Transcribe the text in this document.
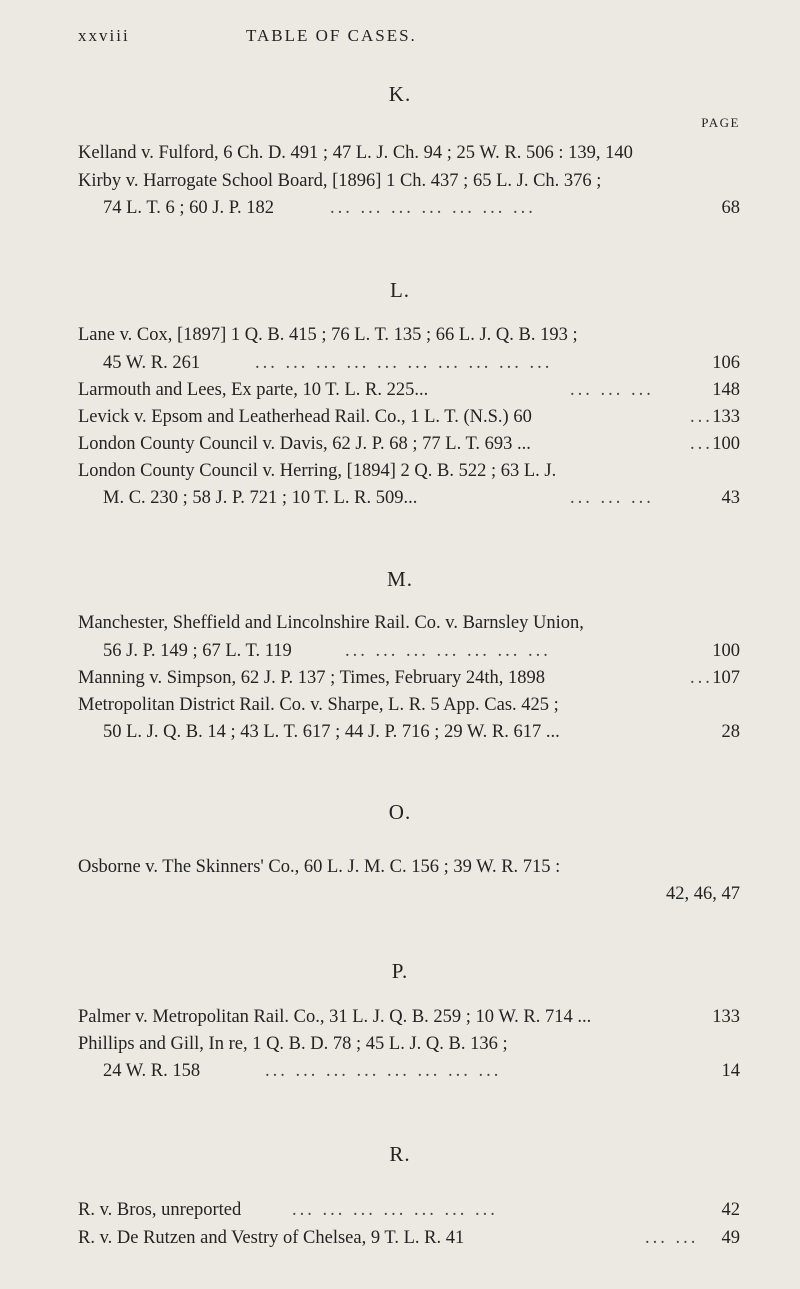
xxviii	TABLE OF CASES.
K.
PAGE
Kelland v. Fulford, 6 Ch. D. 491 ; 47 L. J. Ch. 94 ; 25 W. R. 506 : 139, 140
Kirby v. Harrogate School Board, [1896] 1 Ch. 437 ; 65 L. J. Ch. 376 ;
74 L. T. 6 ; 60 J. P. 182	... ... ... ... ... ... ...	68
L.
Lane v. Cox, [1897] 1 Q. B. 415 ; 76 L. T. 135 ; 66 L. J. Q. B. 193 ;
45 W. R. 261	... ... ... ... ... ... ... ... ... ...	106
Larmouth and Lees, Ex parte, 10 T. L. R. 225...	... ... ...	148
Levick v. Epsom and Leatherhead Rail. Co., 1 L. T. (N.S.) 60	... 133
London County Council v. Davis, 62 J. P. 68 ; 77 L. T. 693 ...	... 100
London County Council v. Herring, [1894] 2 Q. B. 522 ; 63 L. J.
M. C. 230 ; 58 J. P. 721 ; 10 T. L. R. 509...	... ... ...	43
M.
Manchester, Sheffield and Lincolnshire Rail. Co. v. Barnsley Union,
56 J. P. 149 ; 67 L. T. 119	... ... ... ... ... ... ...	100
Manning v. Simpson, 62 J. P. 137 ; Times, February 24th, 1898	... 107
Metropolitan District Rail. Co. v. Sharpe, L. R. 5 App. Cas. 425 ;
50 L. J. Q. B. 14 ; 43 L. T. 617 ; 44 J. P. 716 ; 29 W. R. 617 ...	28
O.
Osborne v. The Skinners' Co., 60 L. J. M. C. 156 ; 39 W. R. 715 :
42, 46, 47
P.
Palmer v. Metropolitan Rail. Co., 31 L. J. Q. B. 259 ; 10 W. R. 714 ...	133
Phillips and Gill, In re, 1 Q. B. D. 78 ; 45 L. J. Q. B. 136 ;
24 W. R. 158	... ... ... ... ... ... ... ...	14
R.
R. v. Bros, unreported	... ... ... ... ... ... ...	42
R. v. De Rutzen and Vestry of Chelsea, 9 T. L. R. 41	... ... 49
